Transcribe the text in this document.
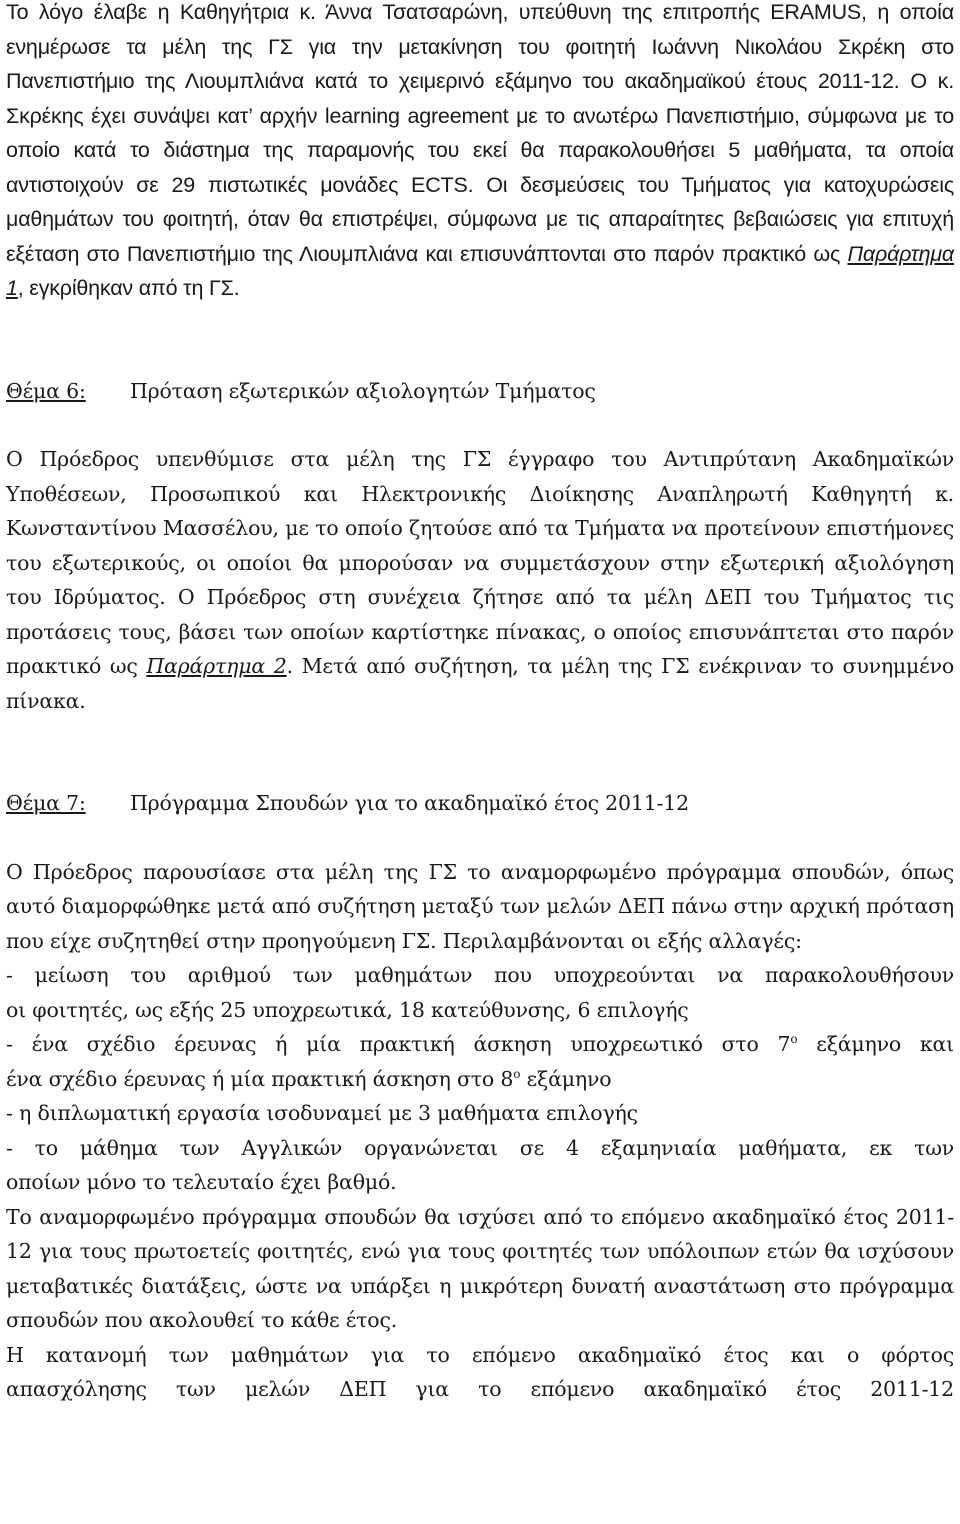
Το λόγο έλαβε η Καθηγήτρια κ. Άννα Τσατσαρώνη, υπεύθυνη της επιτροπής ERAMUS, η οποία ενημέρωσε τα μέλη της ΓΣ για την μετακίνηση του φοιτητή Ιωάννη Νικολάου Σκρέκη στο Πανεπιστήμιο της Λιουμπλιάνα κατά το χειμερινό εξάμηνο του ακαδημαϊκού έτους 2011-12. Ο κ. Σκρέκης έχει συνάψει κατ’ αρχήν learning agreement με το ανωτέρω Πανεπιστήμιο, σύμφωνα με το οποίο κατά το διάστημα της παραμονής του εκεί θα παρακολουθήσει 5 μαθήματα, τα οποία αντιστοιχούν σε 29 πιστωτικές μονάδες ECTS. Οι δεσμεύσεις του Τμήματος για κατοχυρώσεις μαθημάτων του φοιτητή, όταν θα επιστρέψει, σύμφωνα με τις απαραίτητες βεβαιώσεις για επιτυχή εξέταση στο Πανεπιστήμιο της Λιουμπλιάνα και επισυνάπτονται στο παρόν πρακτικό ως Παράρτημα 1, εγκρίθηκαν από τη ΓΣ.

Θέμα 6:	Πρόταση εξωτερικών αξιολογητών Τμήματος

Ο Πρόεδρος υπενθύμισε στα μέλη της ΓΣ έγγραφο του Αντιπρύτανη Ακαδημαϊκών Υποθέσεων, Προσωπικού και Ηλεκτρονικής Διοίκησης Αναπληρωτή Καθηγητή κ. Κωνσταντίνου Μασσέλου, με το οποίο ζητούσε από τα Τμήματα να προτείνουν επιστήμονες του εξωτερικούς, οι οποίοι θα μπορούσαν να συμμετάσχουν στην εξωτερική αξιολόγηση του Ιδρύματος. Ο Πρόεδρος στη συνέχεια ζήτησε από τα μέλη ΔΕΠ του Τμήματος τις προτάσεις τους, βάσει των οποίων καρτίστηκε πίνακας, ο οποίος επισυνάπτεται στο παρόν πρακτικό ως Παράρτημα 2. Μετά από συζήτηση, τα μέλη της ΓΣ ενέκριναν το συνημμένο πίνακα.

Θέμα 7:	Πρόγραμμα Σπουδών για το ακαδημαϊκό έτος 2011-12

Ο Πρόεδρος παρουσίασε στα μέλη της ΓΣ το αναμορφωμένο πρόγραμμα σπουδών, όπως αυτό διαμορφώθηκε μετά από συζήτηση μεταξύ των μελών ΔΕΠ πάνω στην αρχική πρόταση που είχε συζητηθεί στην προηγούμενη ΓΣ. Περιλαμβάνονται οι εξής αλλαγές:

- μείωση του αριθμού των μαθημάτων που υποχρεούνται να παρακολουθήσουν

οι φοιτητές, ως εξής 25 υποχρεωτικά, 18 κατεύθυνσης, 6 επιλογής

- ένα σχέδιο έρευνας ή μία πρακτική άσκηση υποχρεωτικό στο $7^o$ εξάμηνο και

ένα σχέδιο έρευνας ή μία πρακτική άσκηση στο $8^o$ εξάμηνο

- η διπλωματική εργασία ισοδυναμεί με 3 μαθήματα επιλογής

- το μάθημα των Αγγλικών οργανώνεται σε 4 εξαμηνιαία μαθήματα, εκ των

οποίων μόνο το τελευταίο έχει βαθμό.

Το αναμορφωμένο πρόγραμμα σπουδών θα ισχύσει από το επόμενο ακαδημαϊκό έτος 2011-12 για τους πρωτοετείς φοιτητές, ενώ για τους φοιτητές των υπόλοιπων ετών θα ισχύσουν μεταβατικές διατάξεις, ώστε να υπάρξει η μικρότερη δυνατή αναστάτωση στο πρόγραμμα σπουδών που ακολουθεί το κάθε έτος.

Η κατανομή των μαθημάτων για το επόμενο ακαδημαϊκό έτος και ο φόρτος

απασχόλησης των μελών ΔΕΠ για το επόμενο ακαδημαϊκό έτος 2011-12
